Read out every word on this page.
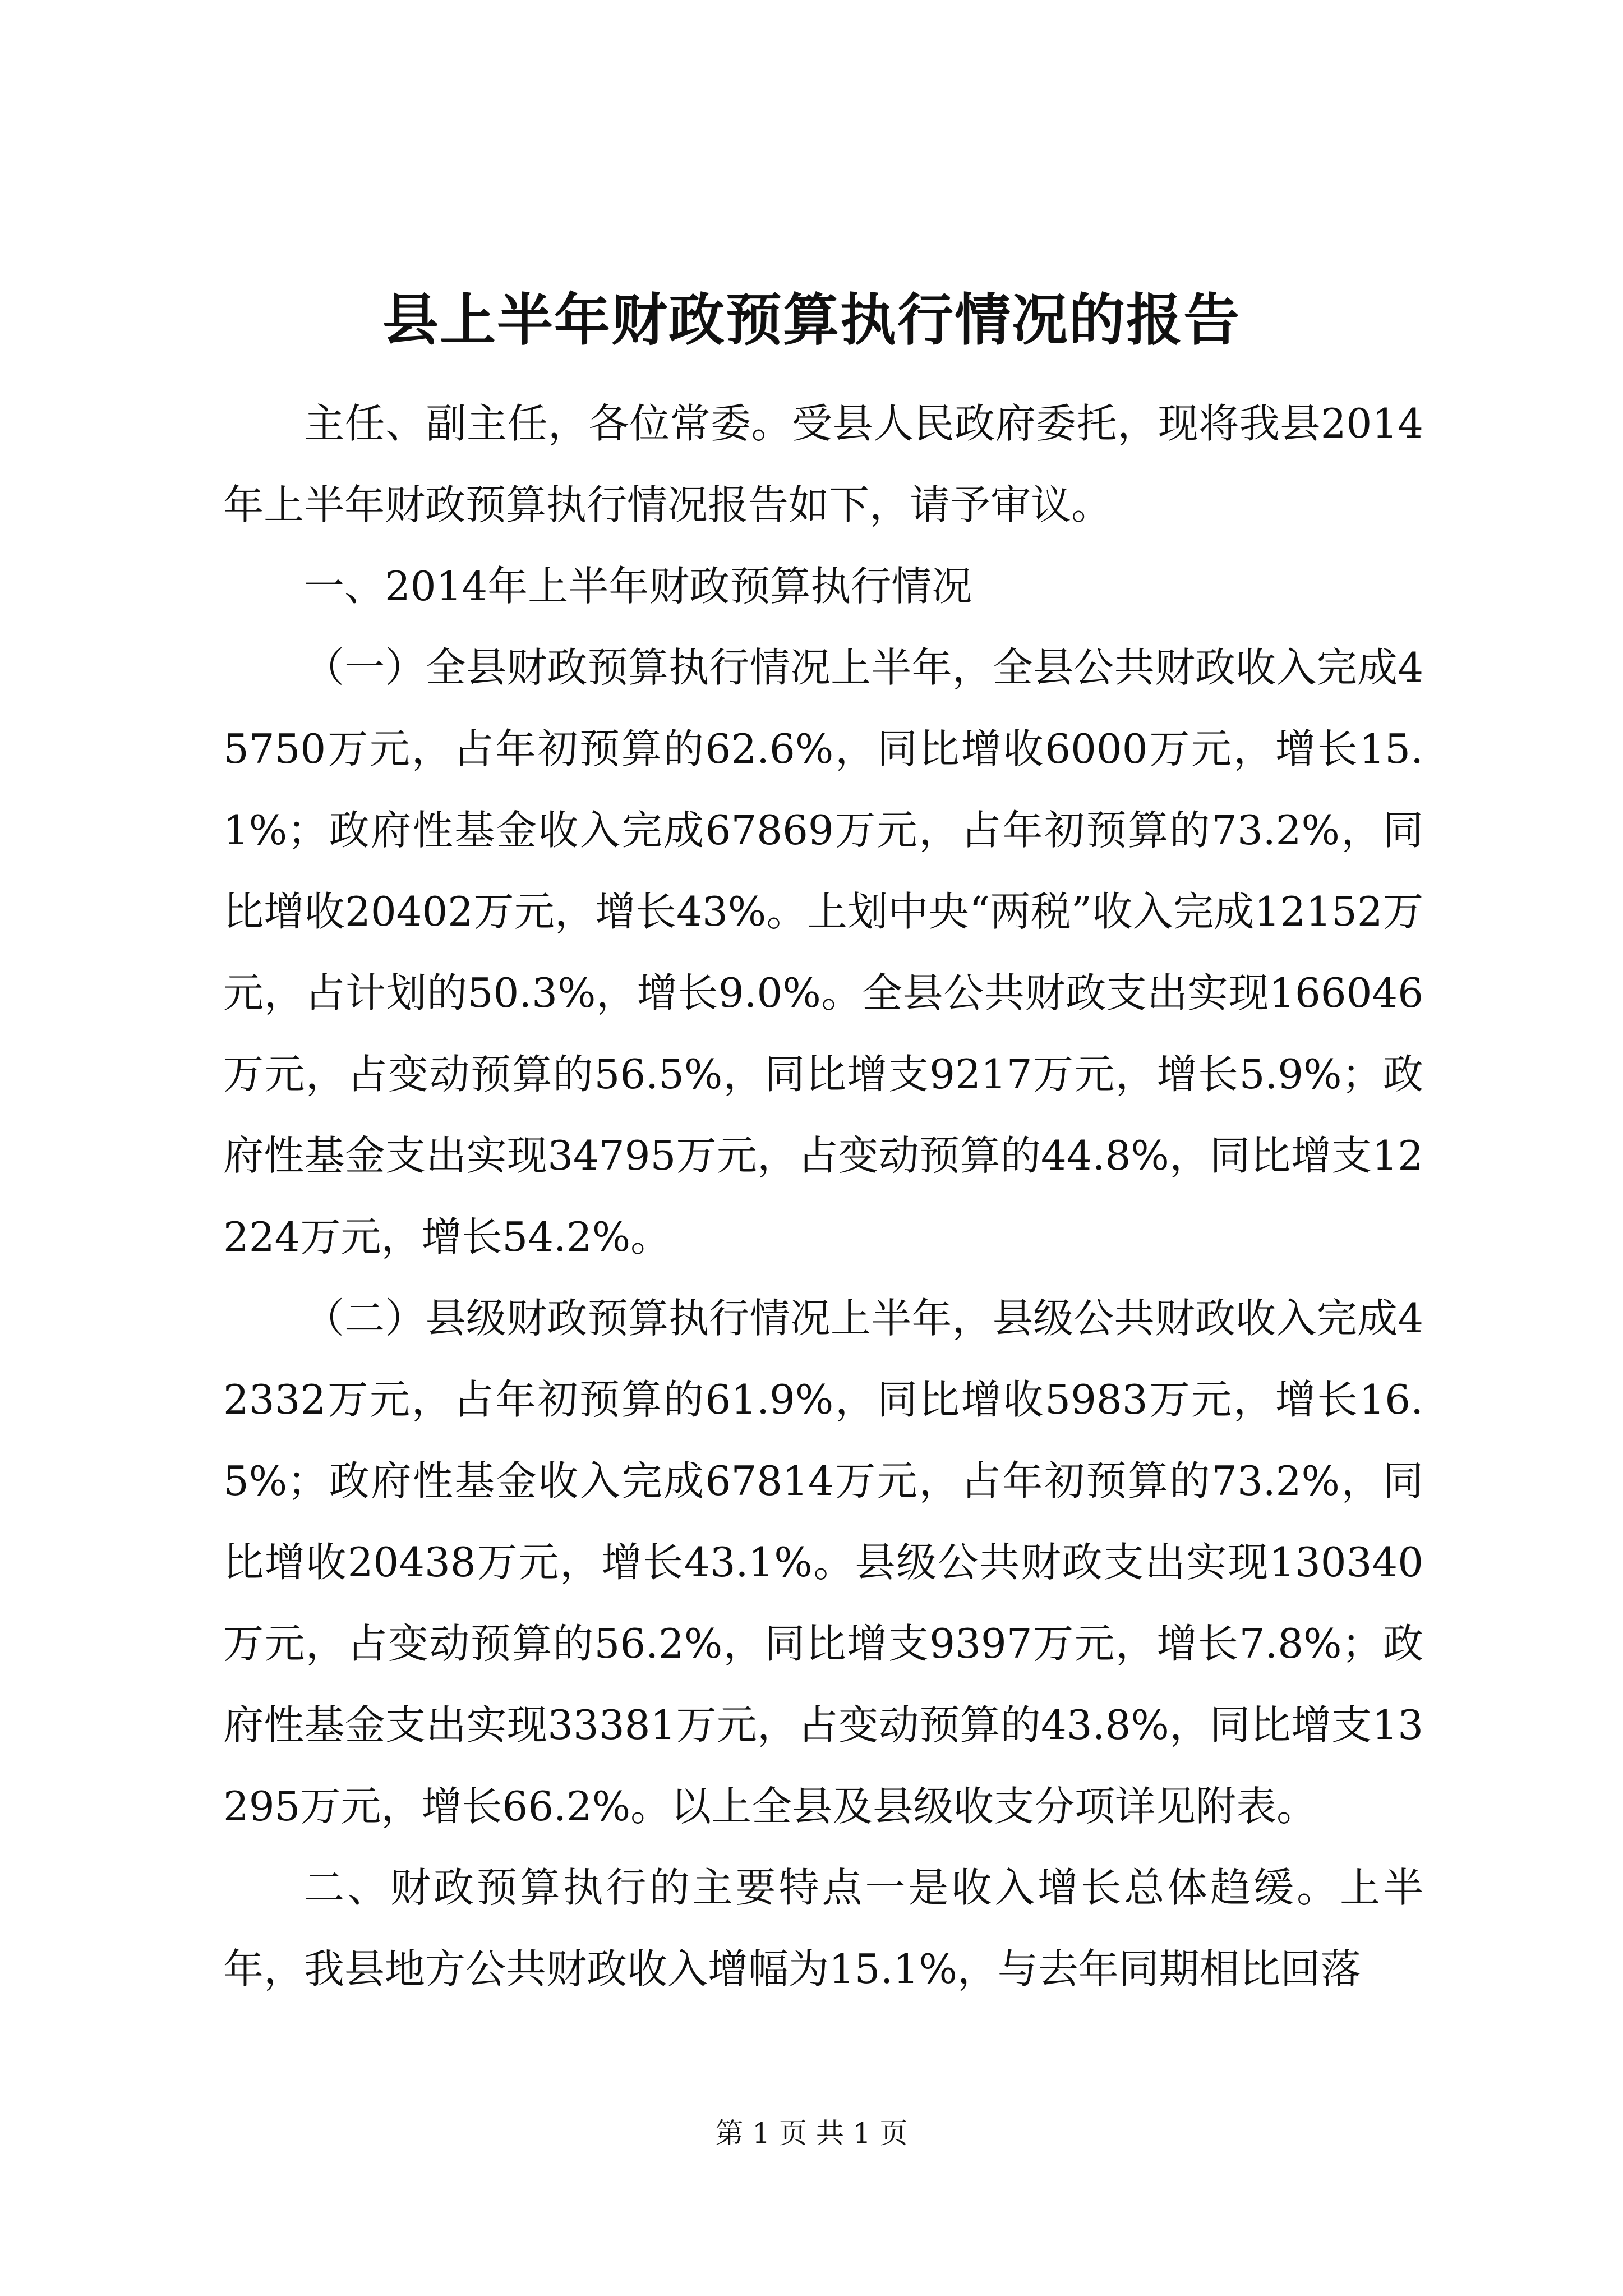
县上半年财政预算执行情况的报告

主任、副主任，各位常委。受县人民政府委托，现将我县2014年上半年财政预算执行情况报告如下，请予审议。

一、2014年上半年财政预算执行情况

（一）全县财政预算执行情况上半年，全县公共财政收入完成45750万元，占年初预算的62.6%，同比增收6000万元，增长15.1%；政府性基金收入完成67869万元，占年初预算的73.2%，同比增收20402万元，增长43%。上划中央“两税”收入完成12152万元，占计划的50.3%，增长9.0%。全县公共财政支出实现166046万元，占变动预算的56.5%，同比增支9217万元，增长5.9%；政府性基金支出实现34795万元，占变动预算的44.8%，同比增支12224万元，增长54.2%。

（二）县级财政预算执行情况上半年，县级公共财政收入完成42332万元，占年初预算的61.9%，同比增收5983万元，增长16.5%；政府性基金收入完成67814万元，占年初预算的73.2%，同比增收20438万元，增长43.1%。县级公共财政支出实现130340万元，占变动预算的56.2%，同比增支9397万元，增长7.8%；政府性基金支出实现33381万元，占变动预算的43.8%，同比增支13295万元，增长66.2%。以上全县及县级收支分项详见附表。

二、财政预算执行的主要特点一是收入增长总体趋缓。上半年，我县地方公共财政收入增幅为15.1%，与去年同期相比回落

第 1 页 共 1 页
